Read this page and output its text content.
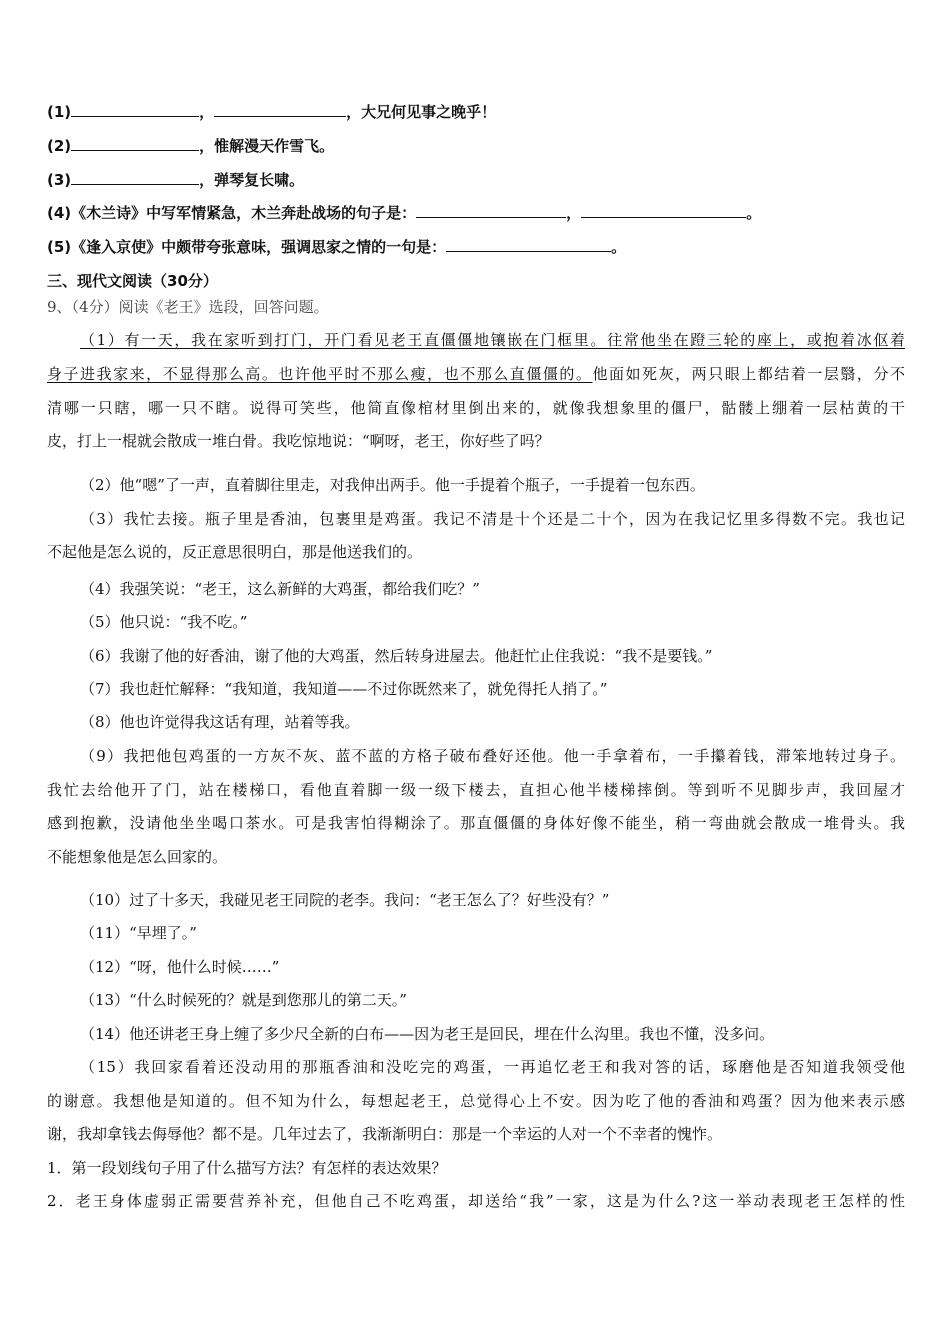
(1)	，	，大兄何见事之晚乎！
(2)	，惟解漫天作雪飞。
(3)	，弹琴复长啸。
(4)《木兰诗》中写军情紧急，木兰奔赴战场的句子是：	，	。
(5)《逢入京使》中颇带夸张意味，强调思家之情的一句是：	。
三、现代文阅读（30分）
9、（4分）阅读《老王》选段，回答问题。
（1）有一天，我在家听到打门，开门看见老王直僵僵地镶嵌在门框里。往常他坐在蹬三轮的座上，或抱着冰伛着
身子进我家来，不显得那么高。也许他平时不那么瘦，也不那么直僵僵的。他面如死灰，两只眼上都结着一层翳，分不
清哪一只瞎，哪一只不瞎。说得可笑些，他简直像棺材里倒出来的，就像我想象里的僵尸，骷髅上绷着一层枯黄的干
皮，打上一棍就会散成一堆白骨。我吃惊地说：“啊呀，老王，你好些了吗？
（2）他“嗯”了一声，直着脚往里走，对我伸出两手。他一手提着个瓶子，一手提着一包东西。
（3）我忙去接。瓶子里是香油，包裹里是鸡蛋。我记不清是十个还是二十个，因为在我记忆里多得数不完。我也记
不起他是怎么说的，反正意思很明白，那是他送我们的。
（4）我强笑说：“老王，这么新鲜的大鸡蛋，都给我们吃？”
（5）他只说：“我不吃。”
（6）我谢了他的好香油，谢了他的大鸡蛋，然后转身进屋去。他赶忙止住我说：“我不是要钱。”
（7）我也赶忙解释：“我知道，我知道——不过你既然来了，就免得托人捎了。”
（8）他也许觉得我这话有理，站着等我。
（9）我把他包鸡蛋的一方灰不灰、蓝不蓝的方格子破布叠好还他。他一手拿着布，一手攥着钱，滞笨地转过身子。
我忙去给他开了门，站在楼梯口，看他直着脚一级一级下楼去，直担心他半楼梯摔倒。等到听不见脚步声，我回屋才
感到抱歉，没请他坐坐喝口茶水。可是我害怕得糊涂了。那直僵僵的身体好像不能坐，稍一弯曲就会散成一堆骨头。我
不能想象他是怎么回家的。
（10）过了十多天，我碰见老王同院的老李。我问：“老王怎么了？好些没有？”
（11）“早埋了。”
（12）“呀，他什么时候……”
（13）“什么时候死的？就是到您那儿的第二天。”
（14）他还讲老王身上缠了多少尺全新的白布——因为老王是回民，埋在什么沟里。我也不懂，没多问。
（15）我回家看着还没动用的那瓶香油和没吃完的鸡蛋，一再追忆老王和我对答的话，琢磨他是否知道我领受他
的谢意。我想他是知道的。但不知为什么，每想起老王，总觉得心上不安。因为吃了他的香油和鸡蛋？因为他来表示感
谢，我却拿钱去侮辱他？都不是。几年过去了，我渐渐明白：那是一个幸运的人对一个不幸者的愧怍。
1．第一段划线句子用了什么描写方法？有怎样的表达效果？
2．老王身体虚弱正需要营养补充，但他自己不吃鸡蛋，却送给“我”一家，这是为什么?这一举动表现老王怎样的性
